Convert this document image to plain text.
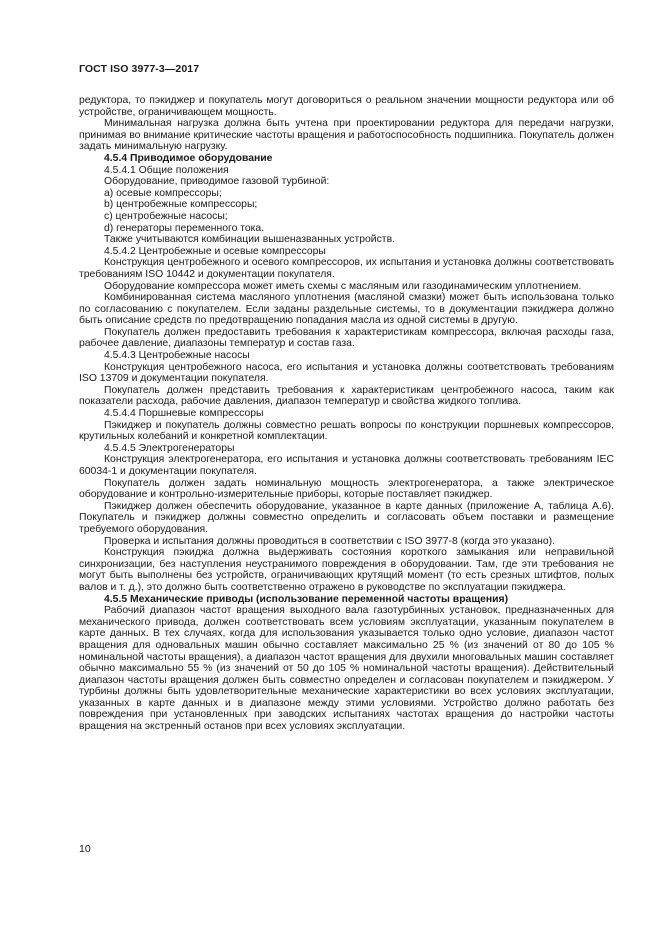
ГОСТ ISO 3977-3—2017

редуктора, то пэкиджер и покупатель могут договориться о реальном значении мощности редуктора или об устройстве, ограничивающем мощность.

Минимальная нагрузка должна быть учтена при проектировании редуктора для передачи нагрузки, принимая во внимание критические частоты вращения и работоспособность подшипника. Покупатель должен задать минимальную нагрузку.

4.5.4 Приводимое оборудование

4.5.4.1 Общие положения

Оборудование, приводимое газовой турбиной:

a) осевые компрессоры;

b) центробежные компрессоры;

c) центробежные насосы;

d) генераторы переменного тока.

Также учитываются комбинации вышеназванных устройств.

4.5.4.2 Центробежные и осевые компрессоры

Конструкция центробежного и осевого компрессоров, их испытания и установка должны соответствовать требованиям ISO 10442 и документации покупателя.

Оборудование компрессора может иметь схемы с масляным или газодинамическим уплотнением.

Комбинированная система масляного уплотнения (масляной смазки) может быть использована только по согласованию с покупателем. Если заданы раздельные системы, то в документации пэкиджера должно быть описание средств по предотвращению попадания масла из одной системы в другую.

Покупатель должен предоставить требования к характеристикам компрессора, включая расходы газа, рабочее давление, диапазоны температур и состав газа.

4.5.4.3 Центробежные насосы

Конструкция центробежного насоса, его испытания и установка должны соответствовать требованиям ISO 13709 и документации покупателя.

Покупатель должен представить требования к характеристикам центробежного насоса, таким как показатели расхода, рабочие давления, диапазон температур и свойства жидкого топлива.

4.5.4.4 Поршневые компрессоры

Пэкиджер и покупатель должны совместно решать вопросы по конструкции поршневых компрессоров, крутильных колебаний и конкретной комплектации.

4.5.4.5 Электрогенераторы

Конструкция электрогенератора, его испытания и установка должны соответствовать требованиям IEC 60034-1 и документации покупателя.

Покупатель должен задать номинальную мощность электрогенератора, а также электрическое оборудование и контрольно-измерительные приборы, которые поставляет пэкиджер.

Пэкиджер должен обеспечить оборудование, указанное в карте данных (приложение А, таблица А.6). Покупатель и пэкиджер должны совместно определить и согласовать объем поставки и размещение требуемого оборудования.

Проверка и испытания должны проводиться в соответствии с ISO 3977-8 (когда это указано).

Конструкция пэкиджа должна выдерживать состояния короткого замыкания или неправильной синхронизации, без наступления неустранимого повреждения в оборудовании. Там, где эти требования не могут быть выполнены без устройств, ограничивающих крутящий момент (то есть срезных штифтов, полых валов и т. д.), это должно быть соответственно отражено в руководстве по эксплуатации пэкиджера.

4.5.5 Механические приводы (использование переменной частоты вращения)

Рабочий диапазон частот вращения выходного вала газотурбинных установок, предназначенных для механического привода, должен соответствовать всем условиям эксплуатации, указанным покупателем в карте данных. В тех случаях, когда для использования указывается только одно условие, диапазон частот вращения для одновальных машин обычно составляет максимально 25 % (из значений от 80 до 105 % номинальной частоты вращения), а диапазон частот вращения для двухили многовальных машин составляет обычно максимально 55 % (из значений от 50 до 105 % номинальной частоты вращения). Действительный диапазон частоты вращения должен быть совместно определен и согласован покупателем и пэкиджером. У турбины должны быть удовлетворительные механические характеристики во всех условиях эксплуатации, указанных в карте данных и в диапазоне между этими условиями. Устройство должно работать без повреждения при установленных при заводских испытаниях частотах вращения до настройки частоты вращения на экстренный останов при всех условиях эксплуатации.

10
